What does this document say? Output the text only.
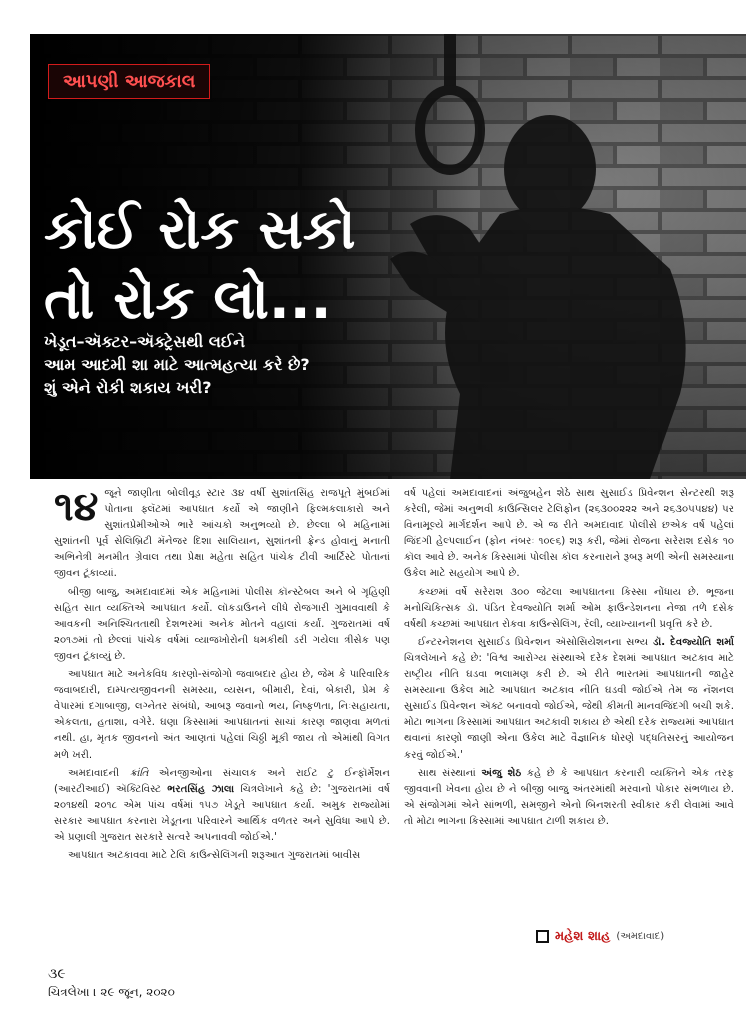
આપણી આજકાલ
કોઈ રોક સકો
તો રોક લો...
ખેડૂત–ઍક્ટર–ઍક્ટ્રેસથી લઈને
આમ આદમી શા માટે આત્મહત્યા કરે છે?
શું એને રોકી શકાય ખરી?

૧૪ જૂને જાણીતા બોલીવૂડ સ્ટાર ૩૪ વર્ષી સુશાંતસિંહ રાજપૂતે મુંબઈમાં પોતાના ફ્લૅટમાં આપઘાત કર્યો એ જાણીને ફિલ્મકલાકારો અને સુશાંતપ્રેમીઓએ ભારે આંચકો અનુભવ્યો છે. છેલ્લા બે મહિનામાં સુશાંતની પૂર્વ સેલિબ્રિટી મૅનેજર દિશા સાલિયાન, સુશાંતની ફ્રેન્ડ હોવાનું મનાતી અભિનેત્રી મનમીત ગ્રેવાલ તથા પ્રેક્ષા મહેતા સહિત પાંચેક ટીવી આર્ટિસ્ટે પોતાનાં જીવન ટૂંકાવ્યાં.

બીજી બાજુ, અમદાવાદમાં એક મહિનામાં પોલીસ કૉન્સ્ટેબલ અને બે ગૃહિણી સહિત સાત વ્યક્તિએ આપઘાત કર્યો. લૉકડાઉનને લીધે રોજગારી ગુમાવવાથી કે આવકની અનિશ્ચિતતાથી દેશભરમાં અનેક મોતને વહાલાં કર્યાં. ગુજરાતમાં વર્ષ ૨૦૧૭માં તો છેલ્લાં પાંચેક વર્ષમાં વ્યાજખોરોની ધમકીથી ડરી ગયેલા ત્રીસેક પણ જીવન ટૂંકાવ્યું છે.

આપઘાત માટે અનેકવિધ કારણો-સંજોગો જવાબદાર હોય છે, જેમ કે પારિવારિક જવાબદારી, દામ્પત્યજીવનની સમસ્યા, વ્યસન, બીમારી, દેવાં, બેકારી, પ્રેમ કે વેપારમાં દગાબાજી, લગ્નેતર સંબંધો, આબરૂ જવાનો ભય, નિષ્ફળતા, નિઃસહાયતા, એકલતા, હતાશા, વગેરે. ઘણા કિસ્સામાં આપઘાતનાં સાચાં કારણ જાણવા મળતાં નથી. હા, મૃતક જીવનનો અંત આણતાં પહેલાં ચિઠ્ઠી મૂકી જાય તો એમાંથી વિગત મળે ખરી.

અમદાવાદની ક્રાંતિ એનજીઓના સંચાલક અને રાઈટ ટુ ઈન્ફૉર્મેશન (આરટીઆઈ) ઍક્ટિવિસ્ટ ભરતસિંહ ઝાલા ચિત્રલેખાને કહે છે: 'ગુજરાતમાં વર્ષ ૨૦૧૪થી ૨૦૧૮ એમ પાંચ વર્ષમાં ૧૫૭ ખેડૂતે આપઘાત કર્યા. અમુક રાજ્યોમાં સરકાર આપઘાત કરનારા ખેડૂતના પરિવારને આર્થિક વળતર અને સુવિધા આપે છે. એ પ્રણાલી ગુજરાત સરકારે સત્વરે અપનાવવી જોઈએ.'

આપઘાત અટકાવવા માટે ટેલિ કાઉન્સેલિંગની શરૂઆત ગુજરાતમાં બાવીસ

વર્ષ પહેલાં અમદાવાદનાં અંજુબહેન શેઠે સાથ સુસાઈડ પ્રિવેન્શન સેન્ટરથી શરૂ કરેલી, જેમાં અનુભવી કાઉન્સિલર ટેલિફોન (૨૬૩૦૦૨૨૨ અને ૨૬૩૦૫૫૪૪) પર વિનામૂલ્યે માર્ગદર્શન આપે છે. એ જ રીતે અમદાવાદ પોલીસે છએક વર્ષ પહેલાં જિંદગી હેલ્પલાઈન (ફોન નંબરઃ ૧૦૯૬) શરૂ કરી, જેમાં રોજના સરેરાશ દસેક ૧૦ કૉલ આવે છે. અનેક કિસ્સામાં પોલીસ કૉલ કરનારાને રૂબરૂ મળી એની સમસ્યાના ઉકેલ માટે સહયોગ આપે છે.

કચ્છમાં વર્ષે સરેરાશ ૩૦૦ જેટલા આપઘાતના કિસ્સા નોંધાય છે. ભૂજના મનોચિકિત્સક ડૉ. પંડિત દેવજ્યોતિ શર્મા ઓમ ફાઉન્ડેશનના નેજા તળે દસેક વર્ષથી કચ્છમાં આપઘાત રોકવા કાઉન્સેલિંગ, રૅલી, વ્યાખ્યાનની પ્રવૃત્તિ કરે છે.

ઈન્ટરનેશનલ સુસાઈડ પ્રિવેન્શન ઍસોસિયેશનના સભ્ય ડૉ. દેવજ્યોતિ શર્મા ચિત્રલેખાને કહે છે: 'વિશ્વ આરોગ્ય સંસ્થાએ દરેક દેશમાં આપઘાત અટકાવ માટે રાષ્ટ્રીય નીતિ ઘડવા ભલામણ કરી છે. એ રીતે ભારતમાં આપઘાતની જાહેર સમસ્યાના ઉકેલ માટે આપઘાત અટકાવ નીતિ ઘડવી જોઈએ તેમ જ નૅશનલ સુસાઈડ પ્રિવેન્શન ઍક્ટ બનાવવો જોઈએ, જેથી કીમતી માનવજિંદગી બચી શકે. મોટા ભાગના કિસ્સામાં આપઘાત અટકાવી શકાય છે એથી દરેક રાજ્યમાં આપઘાત થવાનાં કારણો જાણી એના ઉકેલ માટે વૈજ્ઞાનિક ધોરણે પદ્ધતિસરનું આયોજન કરવું જોઈએ.'

સાથ સંસ્થાનાં અંજુ શેઠ કહે છે કે આપઘાત કરનારી વ્યક્તિને એક તરફ જીવવાની ખેવના હોય છે ને બીજી બાજુ અંતરમાંથી મરવાનો પોકાર સંભળાય છે. એ સંજોગમાં એને સાંભળી, સમજીને એનો બિનશરતી સ્વીકાર કરી લેવામાં આવે તો મોટા ભાગના કિસ્સામાં આપઘાત ટાળી શકાય છે.

મહેશ શાહ (અમદાવાદ)
૩૯
ચિત્રલેખા । ૨૯ જૂન, ૨૦૨૦
